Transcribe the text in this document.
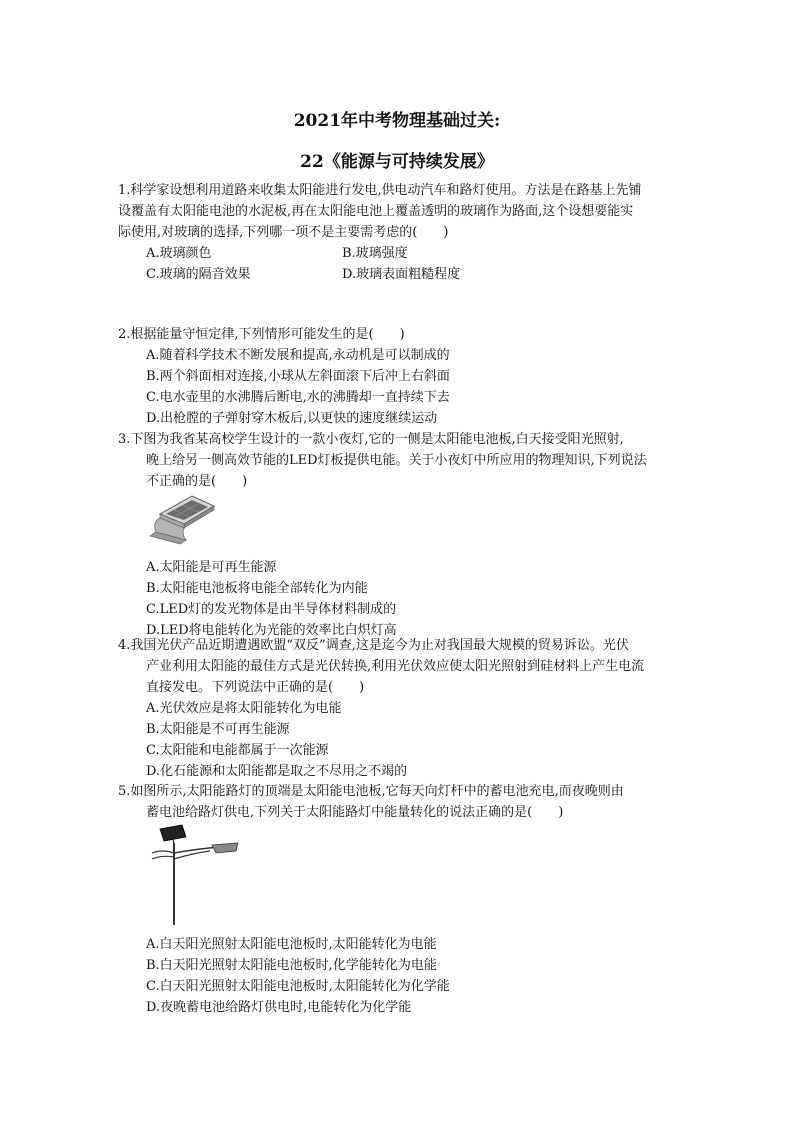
2021年中考物理基础过关:
22《能源与可持续发展》

1.科学家设想利用道路来收集太阳能进行发电,供电动汽车和路灯使用。方法是在路基上先铺

设覆盖有太阳能电池的水泥板,再在太阳能电池上覆盖透明的玻璃作为路面,这个设想要能实

际使用,对玻璃的选择,下列哪一项不是主要需考虑的(　　)

A.玻璃颜色	B.玻璃强度
C.玻璃的隔音效果	D.玻璃表面粗糙程度

2.根据能量守恒定律,下列情形可能发生的是(　　)

A.随着科学技术不断发展和提高,永动机是可以制成的

B.两个斜面相对连接,小球从左斜面滚下后冲上右斜面

C.电水壶里的水沸腾后断电,水的沸腾却一直持续下去

D.出枪膛的子弹射穿木板后,以更快的速度继续运动

3.下图为我省某高校学生设计的一款小夜灯,它的一侧是太阳能电池板,白天接受阳光照射,

晚上给另一侧高效节能的LED灯板提供电能。关于小夜灯中所应用的物理知识,下列说法

不正确的是(　　)

A.太阳能是可再生能源

B.太阳能电池板将电能全部转化为内能

C.LED灯的发光物体是由半导体材料制成的

D.LED将电能转化为光能的效率比白炽灯高

4.我国光伏产品近期遭遇欧盟“双反”调查,这是迄今为止对我国最大规模的贸易诉讼。光伏

产业利用太阳能的最佳方式是光伏转换,利用光伏效应使太阳光照射到硅材料上产生电流

直接发电。下列说法中正确的是(　　)

A.光伏效应是将太阳能转化为电能

B.太阳能是不可再生能源

C.太阳能和电能都属于一次能源

D.化石能源和太阳能都是取之不尽用之不竭的

5.如图所示,太阳能路灯的顶端是太阳能电池板,它每天向灯杆中的蓄电池充电,而夜晚则由

蓄电池给路灯供电,下列关于太阳能路灯中能量转化的说法正确的是(　　)

A.白天阳光照射太阳能电池板时,太阳能转化为电能

B.白天阳光照射太阳能电池板时,化学能转化为电能

C.白天阳光照射太阳能电池板时,太阳能转化为化学能

D.夜晚蓄电池给路灯供电时,电能转化为化学能
